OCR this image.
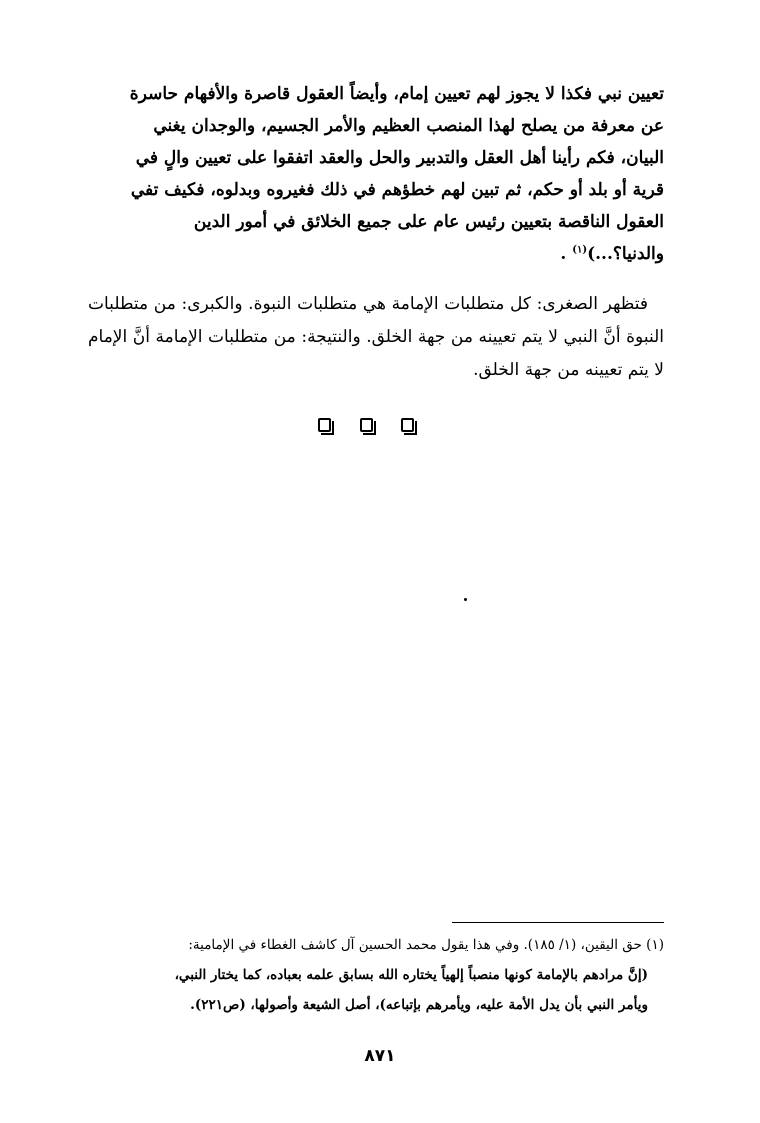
تعيين نبي فكذا لا يجوز لهم تعيين إمام، وأيضاً العقول قاصرة والأفهام حاسرة

عن معرفة من يصلح لهذا المنصب العظيم والأمر الجسيم، والوجدان يغني

البيان، فكم رأينا أهل العقل والتدبير والحل والعقد اتفقوا على تعيين والٍ في

قرية أو بلد أو حكم، ثم تبين لهم خطؤهم في ذلك فغيروه وبدلوه، فكيف تفي

العقول الناقصة بتعيين رئيس عام على جميع الخلائق في أمور الدين

والدنيا؟...)$^{(١)}$ .

فتظهر الصغرى: كل متطلبات الإمامة هي متطلبات النبوة. والكبرى: من متطلبات النبوة أنَّ النبي لا يتم تعيينه من جهة الخلق. والنتيجة: من متطلبات الإمامة أنَّ الإمام لا يتم تعيينه من جهة الخلق.

(١) حق اليقين، (١/ ١٨٥). وفي هذا يقول محمد الحسين آل كاشف الغطاء في الإمامية:

(إنَّ مرادهم بالإمامة كونها منصباً إلهياً يختاره الله بسابق علمه بعباده، كما يختار النبي،

ويأمر النبي بأن يدل الأمة عليه، ويأمرهم بإتباعه)، أصل الشيعة وأصولها، (ص٢٢١).

٨٧١
